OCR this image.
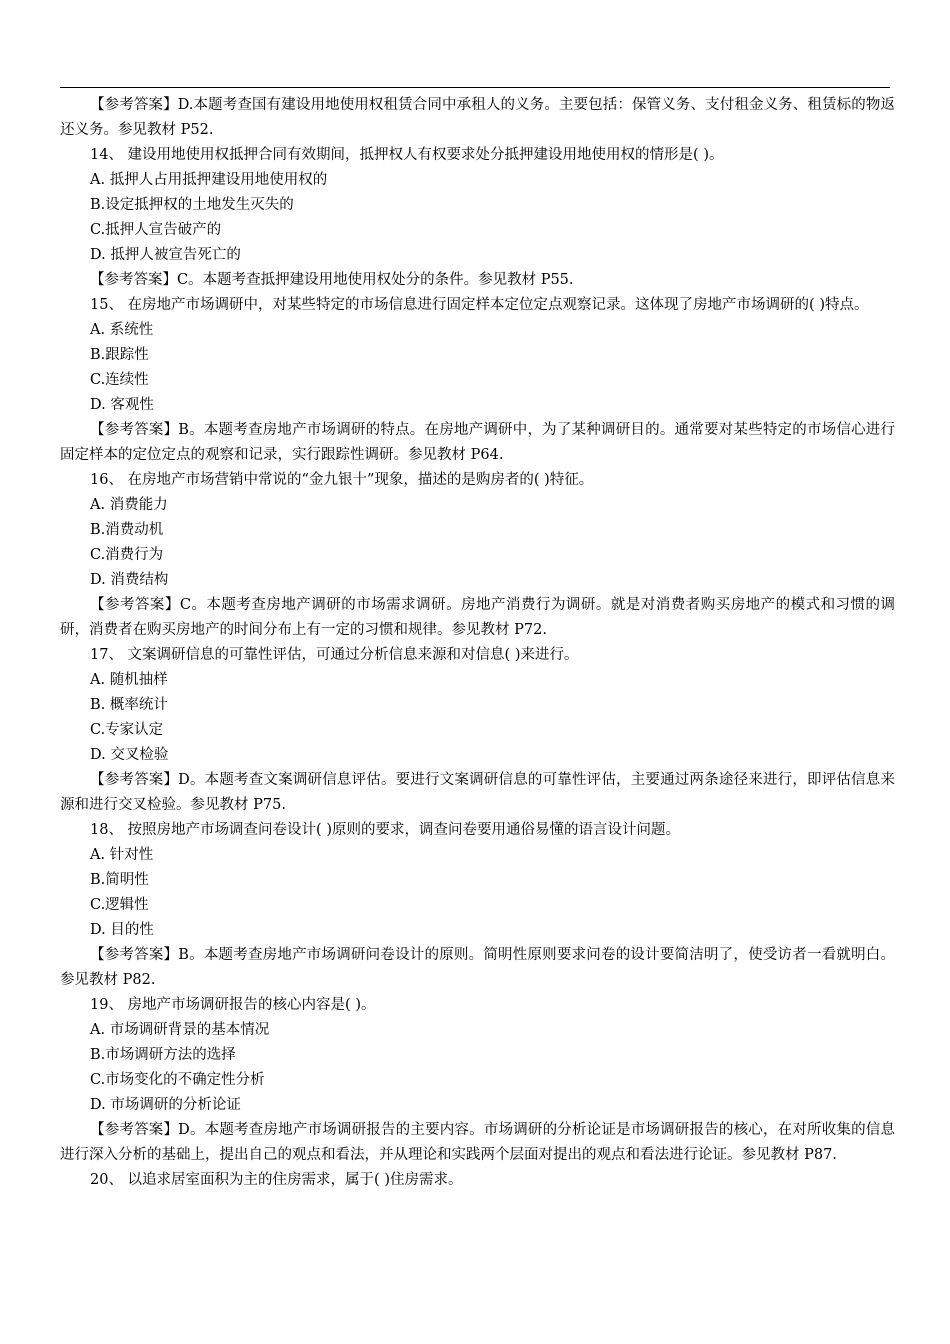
【参考答案】D.本题考查国有建设用地使用权租赁合同中承租人的义务。主要包括：保管义务、支付租金义务、租赁标的物返还义务。参见教材 P52.

14、 建设用地使用权抵押合同有效期间，抵押权人有权要求处分抵押建设用地使用权的情形是( )。

A. 抵押人占用抵押建设用地使用权的

B.设定抵押权的土地发生灭失的

C.抵押人宣告破产的

D. 抵押人被宣告死亡的

【参考答案】C。本题考查抵押建设用地使用权处分的条件。参见教材 P55.

15、 在房地产市场调研中，对某些特定的市场信息进行固定样本定位定点观察记录。这体现了房地产市场调研的( )特点。

A. 系统性

B.跟踪性

C.连续性

D. 客观性

【参考答案】B。本题考查房地产市场调研的特点。在房地产调研中，为了某种调研目的。通常要对某些特定的市场信心进行固定样本的定位定点的观察和记录，实行跟踪性调研。参见教材 P64.

16、 在房地产市场营销中常说的“金九银十”现象，描述的是购房者的( )特征。

A. 消费能力

B.消费动机

C.消费行为

D. 消费结构

【参考答案】C。本题考查房地产调研的市场需求调研。房地产消费行为调研。就是对消费者购买房地产的模式和习惯的调研，消费者在购买房地产的时间分布上有一定的习惯和规律。参见教材 P72.

17、 文案调研信息的可靠性评估，可通过分析信息来源和对信息( )来进行。

A. 随机抽样

B. 概率统计

C.专家认定

D. 交叉检验

【参考答案】D。本题考查文案调研信息评估。要进行文案调研信息的可靠性评估，主要通过两条途径来进行，即评估信息来源和进行交叉检验。参见教材 P75.

18、 按照房地产市场调查问卷设计( )原则的要求，调查问卷要用通俗易懂的语言设计问题。

A. 针对性

B.简明性

C.逻辑性

D. 目的性

【参考答案】B。本题考查房地产市场调研问卷设计的原则。简明性原则要求问卷的设计要简洁明了，使受访者一看就明白。参见教材 P82.

19、 房地产市场调研报告的核心内容是( )。

A. 市场调研背景的基本情况

B.市场调研方法的选择

C.市场变化的不确定性分析

D. 市场调研的分析论证

【参考答案】D。本题考查房地产市场调研报告的主要内容。市场调研的分析论证是市场调研报告的核心，在对所收集的信息进行深入分析的基础上，提出自己的观点和看法，并从理论和实践两个层面对提出的观点和看法进行论证。参见教材 P87.

20、 以追求居室面积为主的住房需求，属于( )住房需求。
